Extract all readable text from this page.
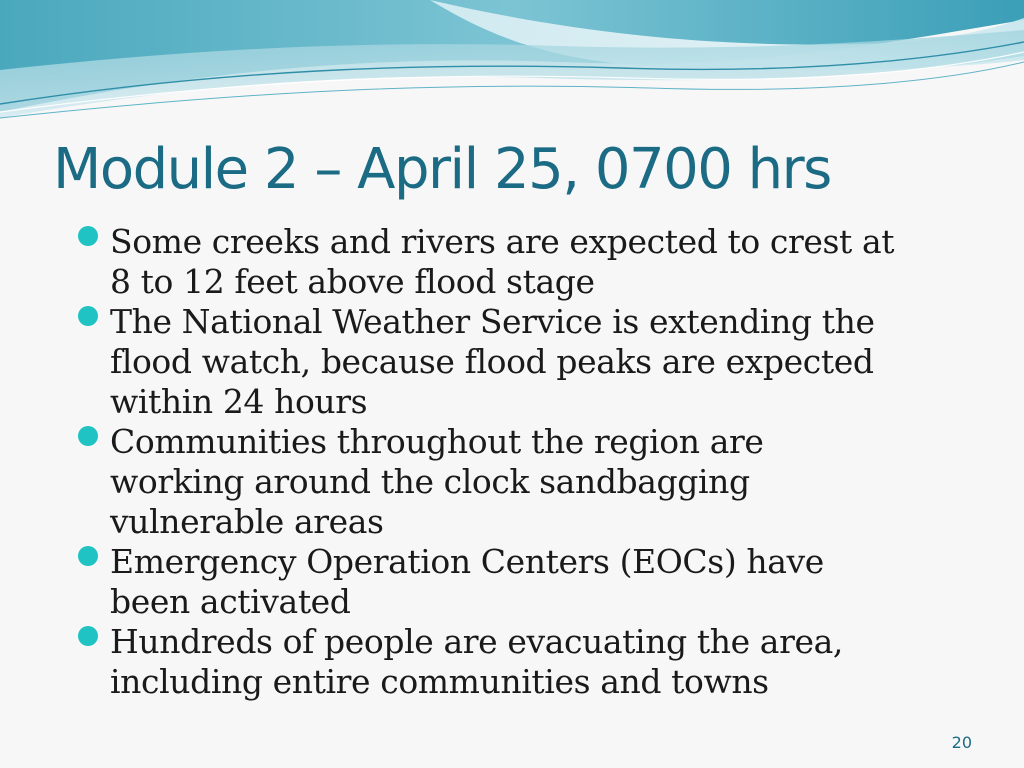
Module 2 – April 25, 0700 hrs
Some creeks and rivers are expected to crest at 8 to 12 feet above flood stage
The National Weather Service is extending the flood watch, because flood peaks are expected within 24 hours
Communities throughout the region are working around the clock sandbagging vulnerable areas
Emergency Operation Centers (EOCs) have been activated
Hundreds of people are evacuating the area, including entire communities and towns
20
